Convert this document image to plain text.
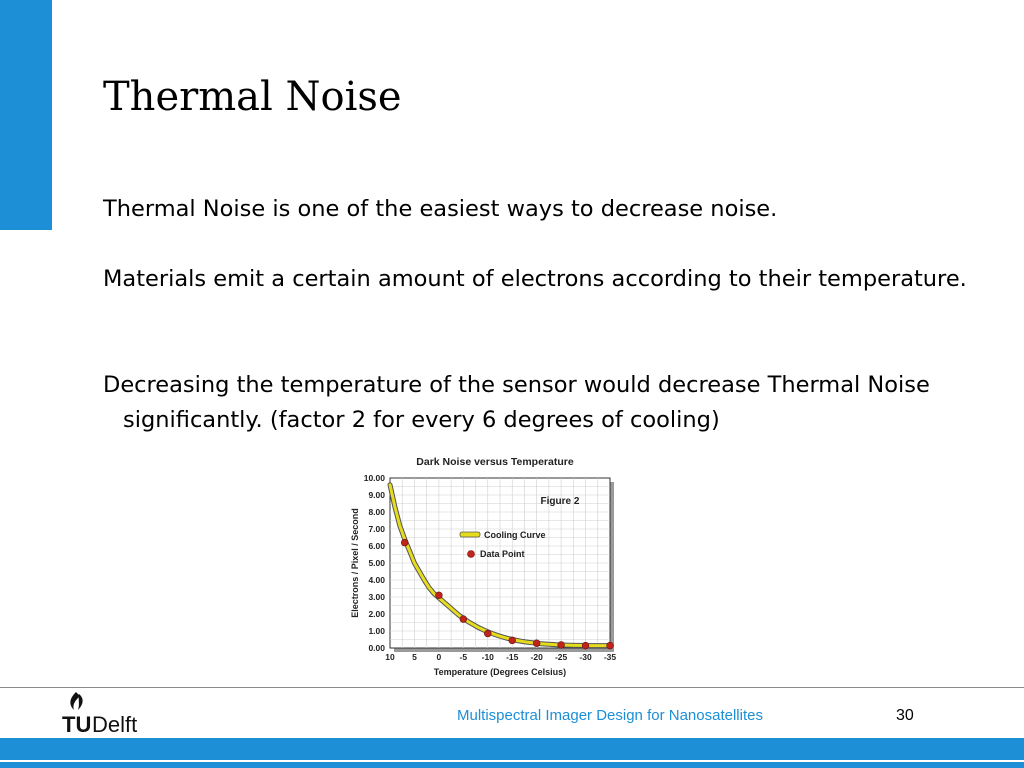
Thermal Noise

Thermal Noise is one of the easiest ways to decrease noise.

Materials emit a certain amount of electrons according to their temperature.

Decreasing the temperature of the sensor would decrease Thermal Noise significantly. (factor 2 for every 6 degrees of cooling)

Dark Noise versus Temperature
0.00
1.00
2.00
3.00
4.00
5.00
6.00
7.00
8.00
9.00
10.00
10 5 0 -5 -10 -15 -20 -25 -30 -35
Figure 2
Cooling Curve
Data Point
Electrons / Pixel / Second
Temperature (Degrees Celsius)
TU Delft	Multispectral Imager Design for Nanosatellites	30
